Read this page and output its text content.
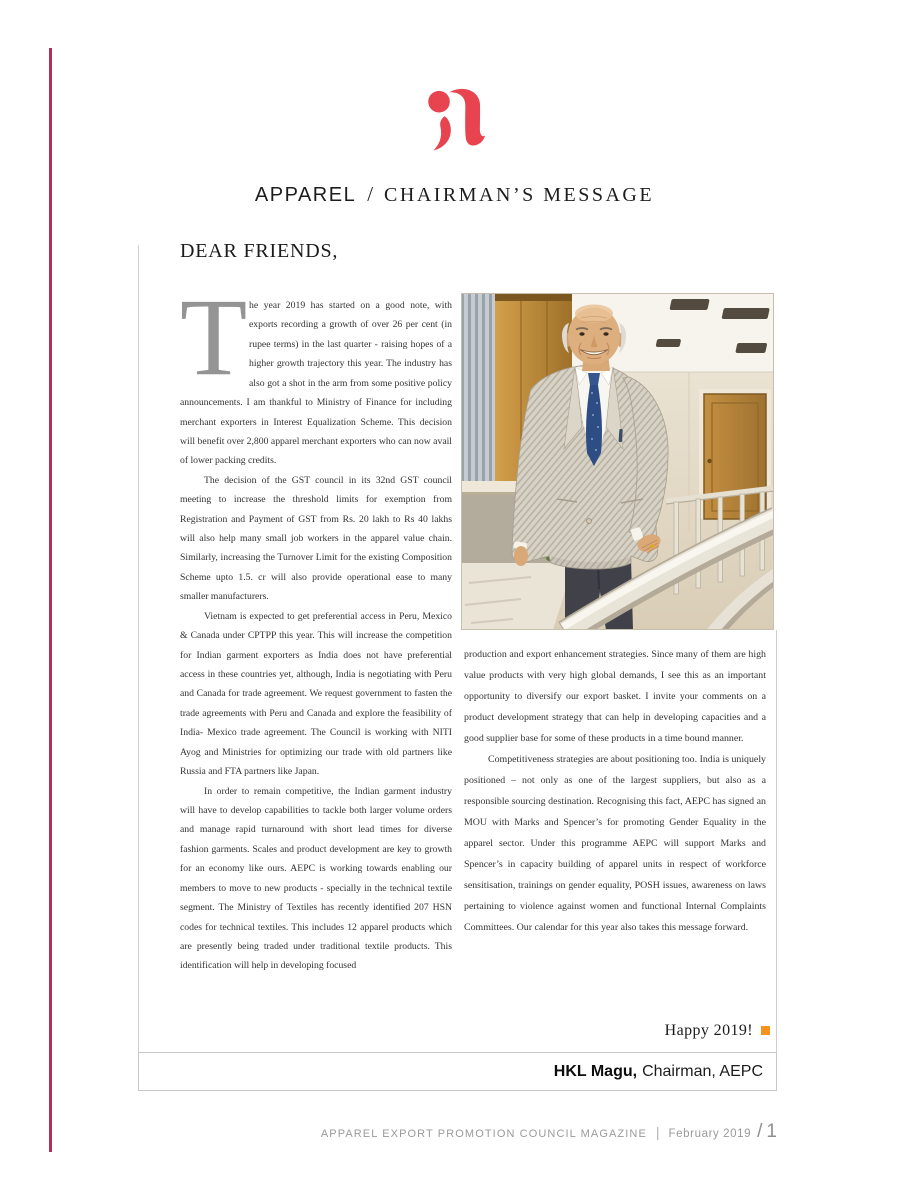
APPAREL / CHAIRMAN’S MESSAGE
DEAR FRIENDS,

The year 2019 has started on a good note, with exports recording a growth of over 26 per cent (in rupee terms) in the last quarter - raising hopes of a higher growth trajectory this year. The industry has also got a shot in the arm from some positive policy announcements. I am thankful to Ministry of Finance for including merchant exporters in Interest Equalization Scheme. This decision will benefit over 2,800 apparel merchant exporters who can now avail of lower packing credits.

The decision of the GST council in its 32nd GST council meeting to increase the threshold limits for exemption from Registration and Payment of GST from Rs. 20 lakh to Rs 40 lakhs will also help many small job workers in the apparel value chain. Similarly, increasing the Turnover Limit for the existing Composition Scheme upto 1.5. cr will also provide operational ease to many smaller manufacturers.

Vietnam is expected to get preferential access in Peru, Mexico & Canada under CPTPP this year. This will increase the competition for Indian garment exporters as India does not have preferential access in these countries yet, although, India is negotiating with Peru and Canada for trade agreement. We request government to fasten the trade agreements with Peru and Canada and explore the feasibility of India- Mexico trade agreement. The Council is working with NITI Ayog and Ministries for optimizing our trade with old partners like Russia and FTA partners like Japan.

In order to remain competitive, the Indian garment industry will have to develop capabilities to tackle both larger volume orders and manage rapid turnaround with short lead times for diverse fashion garments. Scales and product development are key to growth for an economy like ours. AEPC is working towards enabling our members to move to new products - specially in the technical textile segment. The Ministry of Textiles has recently identified 207 HSN codes for technical textiles. This includes 12 apparel products which are presently being traded under traditional textile products. This identification will help in developing focused

production and export enhancement strategies. Since many of them are high value products with very high global demands, I see this as an important opportunity to diversify our export basket. I invite your comments on a product development strategy that can help in developing capacities and a good supplier base for some of these products in a time bound manner.

Competitiveness strategies are about positioning too. India is uniquely positioned – not only as one of the largest suppliers, but also as a responsible sourcing destination. Recognising this fact, AEPC has signed an MOU with Marks and Spencer’s for promoting Gender Equality in the apparel sector. Under this programme AEPC will support Marks and Spencer’s in capacity building of apparel units in respect of workforce sensitisation, trainings on gender equality, POSH issues, awareness on laws pertaining to violence against women and functional Internal Complaints Committees. Our calendar for this year also takes this message forward.

Happy 2019!
HKL Magu, Chairman, AEPC
APPAREL EXPORT PROMOTION COUNCIL MAGAZINE | February 2019 / 1
